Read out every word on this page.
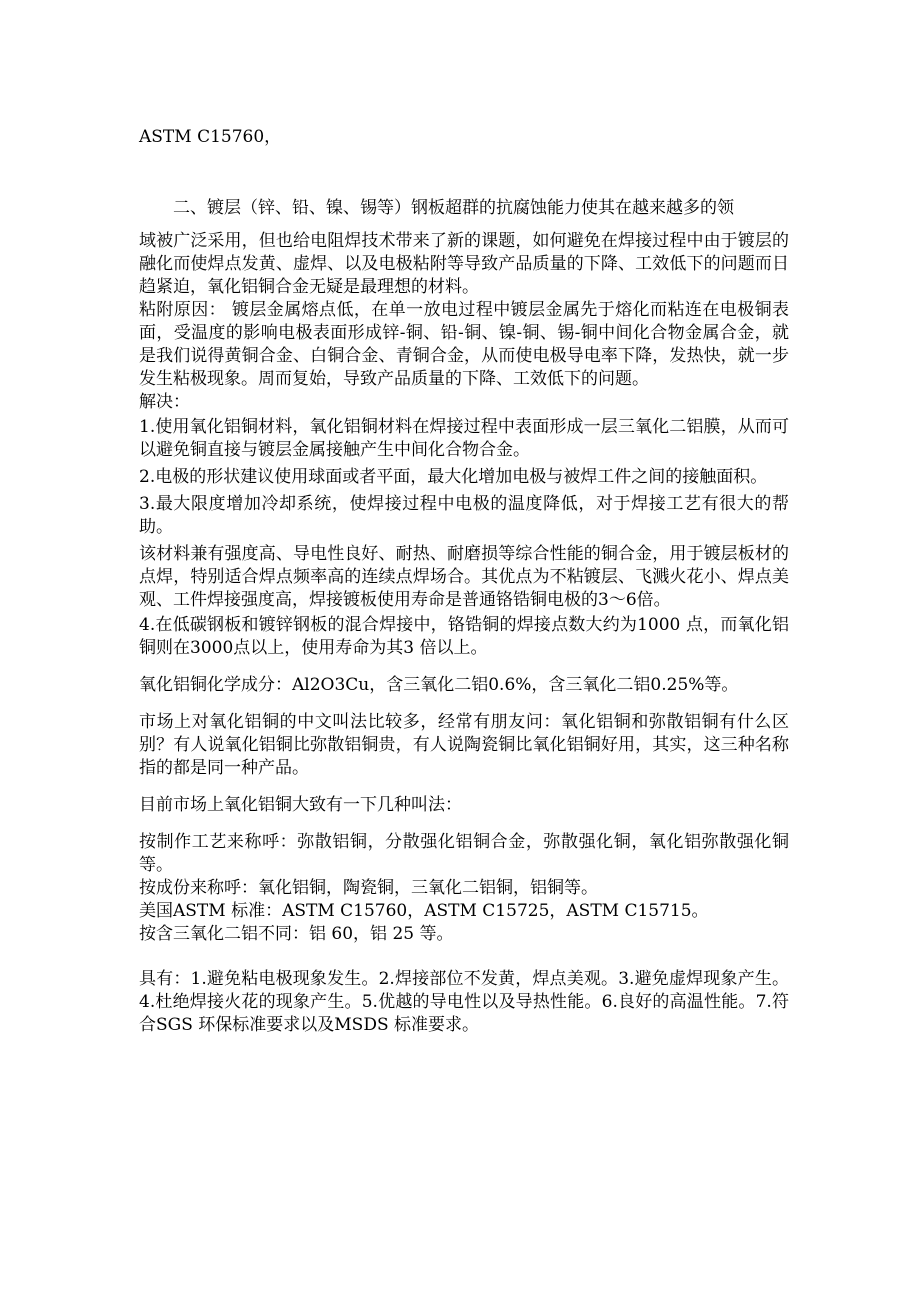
ASTM C15760，

二、镀层（锌、铅、镍、锡等）钢板超群的抗腐蚀能力使其在越来越多的领

域被广泛采用，但也给电阻焊技术带来了新的课题，如何避免在焊接过程中由于镀层的融化而使焊点发黄、虚焊、以及电极粘附等导致产品质量的下降、工效低下的问题而日趋紧迫，氧化铝铜合金无疑是最理想的材料。

粘附原因： 镀层金属熔点低，在单一放电过程中镀层金属先于熔化而粘连在电极铜表面，受温度的影响电极表面形成锌-铜、铅-铜、镍-铜、锡-铜中间化合物金属合金，就是我们说得黄铜合金、白铜合金、青铜合金，从而使电极导电率下降，发热快，就一步发生粘极现象。周而复始，导致产品质量的下降、工效低下的问题。

解决：

1.使用氧化铝铜材料，氧化铝铜材料在焊接过程中表面形成一层三氧化二铝膜，从而可以避免铜直接与镀层金属接触产生中间化合物合金。

2.电极的形状建议使用球面或者平面，最大化增加电极与被焊工件之间的接触面积。

3.最大限度增加冷却系统，使焊接过程中电极的温度降低，对于焊接工艺有很大的帮助。

该材料兼有强度高、导电性良好、耐热、耐磨损等综合性能的铜合金，用于镀层板材的点焊，特别适合焊点频率高的连续点焊场合。其优点为不粘镀层、飞溅火花小、焊点美观、工件焊接强度高，焊接镀板使用寿命是普通铬锆铜电极的3～6倍。

4.在低碳钢板和镀锌钢板的混合焊接中，铬锆铜的焊接点数大约为1000 点，而氧化铝铜则在3000点以上，使用寿命为其3 倍以上。

氧化铝铜化学成分：Al2O3Cu，含三氧化二铝0.6%，含三氧化二铝0.25%等。

市场上对氧化铝铜的中文叫法比较多，经常有朋友问：氧化铝铜和弥散铝铜有什么区别？有人说氧化铝铜比弥散铝铜贵，有人说陶瓷铜比氧化铝铜好用，其实，这三种名称指的都是同一种产品。

目前市场上氧化铝铜大致有一下几种叫法：

按制作工艺来称呼：弥散铝铜，分散强化铝铜合金，弥散强化铜，氧化铝弥散强化铜等。

按成份来称呼：氧化铝铜，陶瓷铜，三氧化二铝铜，铝铜等。

美国ASTM 标准：ASTM C15760，ASTM C15725，ASTM C15715。

按含三氧化二铝不同：铝 60，铝 25 等。

具有：1.避免粘电极现象发生。2.焊接部位不发黄，焊点美观。3.避免虚焊现象产生。4.杜绝焊接火花的现象产生。5.优越的导电性以及导热性能。6.良好的高温性能。7.符合SGS 环保标准要求以及MSDS 标准要求。
